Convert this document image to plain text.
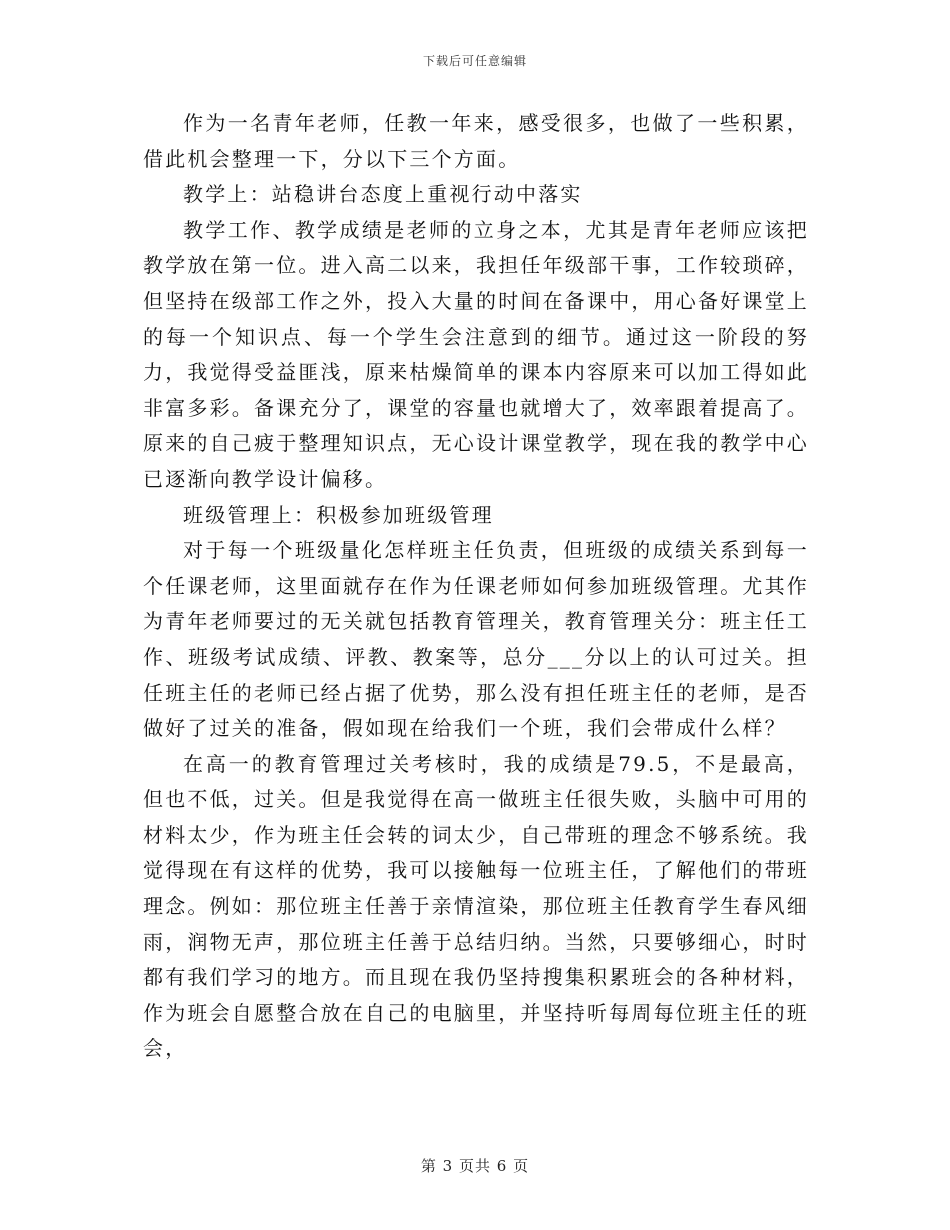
下载后可任意编辑

作为一名青年老师，任教一年来，感受很多，也做了一些积累，借此机会整理一下，分以下三个方面。

教学上：站稳讲台态度上重视行动中落实

教学工作、教学成绩是老师的立身之本，尤其是青年老师应该把教学放在第一位。进入高二以来，我担任年级部干事，工作较琐碎，但坚持在级部工作之外，投入大量的时间在备课中，用心备好课堂上的每一个知识点、每一个学生会注意到的细节。通过这一阶段的努力，我觉得受益匪浅，原来枯燥简单的课本内容原来可以加工得如此非富多彩。备课充分了，课堂的容量也就增大了，效率跟着提高了。原来的自己疲于整理知识点，无心设计课堂教学，现在我的教学中心已逐渐向教学设计偏移。

班级管理上：积极参加班级管理

对于每一个班级量化怎样班主任负责，但班级的成绩关系到每一个任课老师，这里面就存在作为任课老师如何参加班级管理。尤其作为青年老师要过的无关就包括教育管理关，教育管理关分：班主任工作、班级考试成绩、评教、教案等，总分___分以上的认可过关。担任班主任的老师已经占据了优势，那么没有担任班主任的老师，是否做好了过关的准备，假如现在给我们一个班，我们会带成什么样？

在高一的教育管理过关考核时，我的成绩是79.5，不是最高，但也不低，过关。但是我觉得在高一做班主任很失败，头脑中可用的材料太少，作为班主任会转的词太少，自己带班的理念不够系统。我觉得现在有这样的优势，我可以接触每一位班主任，了解他们的带班理念。例如：那位班主任善于亲情渲染，那位班主任教育学生春风细雨，润物无声，那位班主任善于总结归纳。当然，只要够细心，时时都有我们学习的地方。而且现在我仍坚持搜集积累班会的各种材料，作为班会自愿整合放在自己的电脑里，并坚持听每周每位班主任的班会，

第 3 页共 6 页
